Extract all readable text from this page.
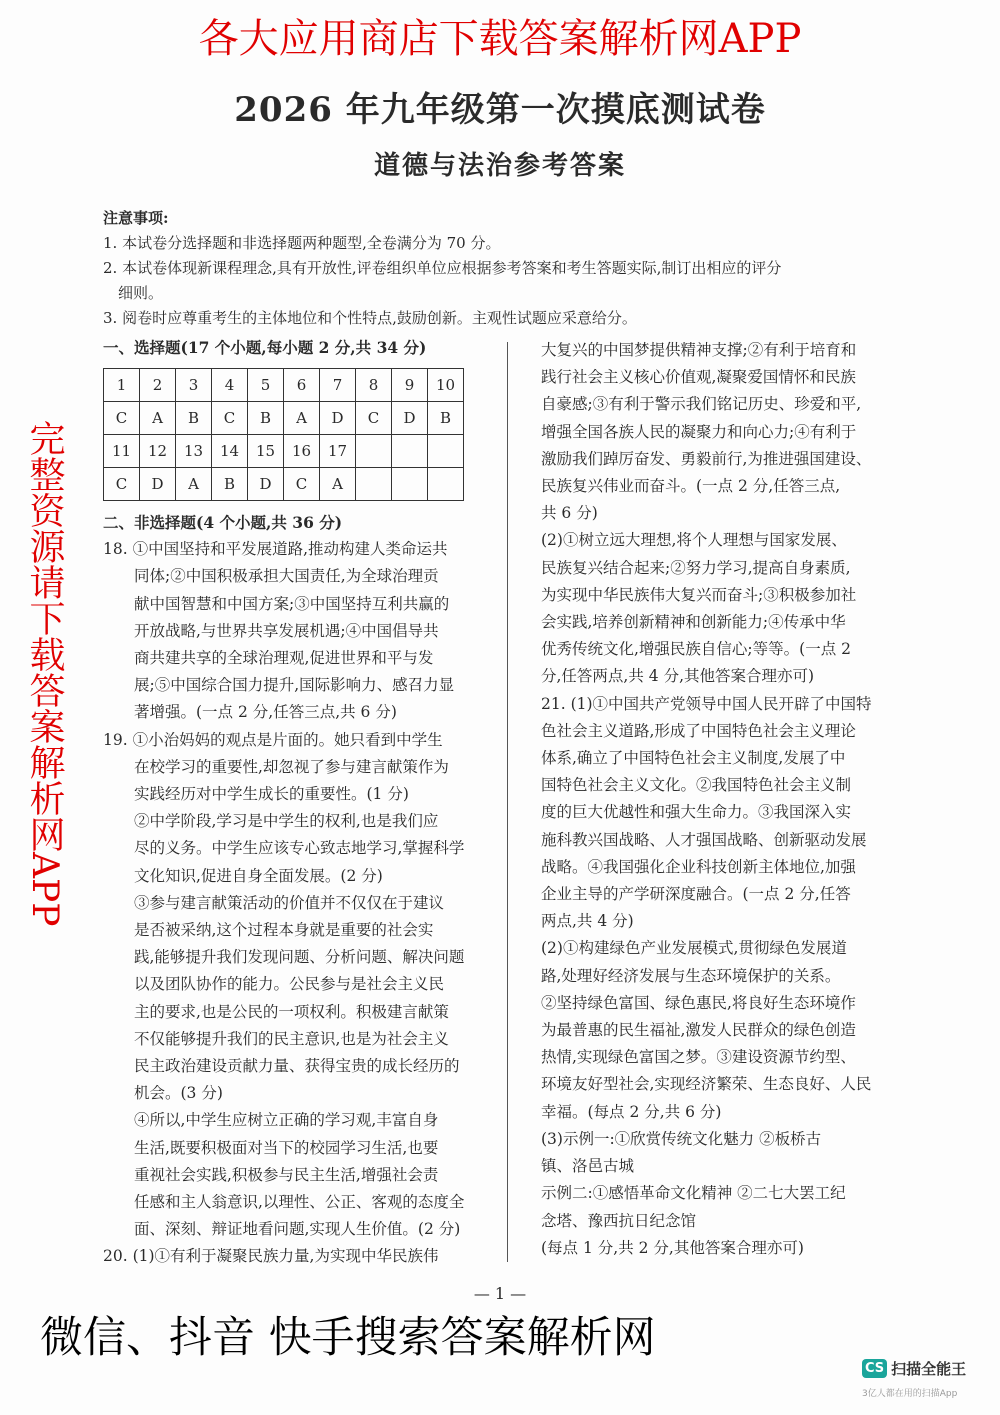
各大应用商店下载答案解析网APP
2026 年九年级第一次摸底测试卷
道德与法治参考答案
注意事项:
1. 本试卷分选择题和非选择题两种题型,全卷满分为 70 分。
2. 本试卷体现新课程理念,具有开放性,评卷组织单位应根据参考答案和考生答题实际,制订出相应的评分
　细则。
3. 阅卷时应尊重考生的主体地位和个性特点,鼓励创新。主观性试题应采意给分。
一、选择题(17 个小题,每小题 2 分,共 34 分)
1	2	3	4	5	6	7	8	9	10
C	A	B	C	B	A	D	C	D	B
11	12	13	14	15	16	17			
C	D	A	B	D	C	A			
二、非选择题(4 个小题,共 36 分)
18. ①中国坚持和平发展道路,推动构建人类命运共
　　同体;②中国积极承担大国责任,为全球治理贡
　　献中国智慧和中国方案;③中国坚持互利共赢的
　　开放战略,与世界共享发展机遇;④中国倡导共
　　商共建共享的全球治理观,促进世界和平与发
　　展;⑤中国综合国力提升,国际影响力、感召力显
　　著增强。(一点 2 分,任答三点,共 6 分)
19. ①小治妈妈的观点是片面的。她只看到中学生
　　在校学习的重要性,却忽视了参与建言献策作为
　　实践经历对中学生成长的重要性。(1 分)
　　②中学阶段,学习是中学生的权利,也是我们应
　　尽的义务。中学生应该专心致志地学习,掌握科学
　　文化知识,促进自身全面发展。(2 分)
　　③参与建言献策活动的价值并不仅仅在于建议
　　是否被采纳,这个过程本身就是重要的社会实
　　践,能够提升我们发现问题、分析问题、解决问题
　　以及团队协作的能力。公民参与是社会主义民
　　主的要求,也是公民的一项权利。积极建言献策
　　不仅能够提升我们的民主意识,也是为社会主义
　　民主政治建设贡献力量、获得宝贵的成长经历的
　　机会。(3 分)
　　④所以,中学生应树立正确的学习观,丰富自身
　　生活,既要积极面对当下的校园学习生活,也要
　　重视社会实践,积极参与民主生活,增强社会责
　　任感和主人翁意识,以理性、公正、客观的态度全
　　面、深刻、辩证地看问题,实现人生价值。(2 分)
20. (1)①有利于凝聚民族力量,为实现中华民族伟
大复兴的中国梦提供精神支撑;②有利于培育和
践行社会主义核心价值观,凝聚爱国情怀和民族
自豪感;③有利于警示我们铭记历史、珍爱和平,
增强全国各族人民的凝聚力和向心力;④有利于
激励我们踔厉奋发、勇毅前行,为推进强国建设、
民族复兴伟业而奋斗。(一点 2 分,任答三点,
共 6 分)
(2)①树立远大理想,将个人理想与国家发展、
民族复兴结合起来;②努力学习,提高自身素质,
为实现中华民族伟大复兴而奋斗;③积极参加社
会实践,培养创新精神和创新能力;④传承中华
优秀传统文化,增强民族自信心;等等。(一点 2
分,任答两点,共 4 分,其他答案合理亦可)
21. (1)①中国共产党领导中国人民开辟了中国特
色社会主义道路,形成了中国特色社会主义理论
体系,确立了中国特色社会主义制度,发展了中
国特色社会主义文化。②我国特色社会主义制
度的巨大优越性和强大生命力。③我国深入实
施科教兴国战略、人才强国战略、创新驱动发展
战略。④我国强化企业科技创新主体地位,加强
企业主导的产学研深度融合。(一点 2 分,任答
两点,共 4 分)
(2)①构建绿色产业发展模式,贯彻绿色发展道
路,处理好经济发展与生态环境保护的关系。
②坚持绿色富国、绿色惠民,将良好生态环境作
为最普惠的民生福祉,激发人民群众的绿色创造
热情,实现绿色富国之梦。③建设资源节约型、
环境友好型社会,实现经济繁荣、生态良好、人民
幸福。(每点 2 分,共 6 分)
(3)示例一:①欣赏传统文化魅力 ②板桥古
镇、洛邑古城
示例二:①感悟革命文化精神 ②二七大罢工纪
念塔、豫西抗日纪念馆
(每点 1 分,共 2 分,其他答案合理亦可)
完整资源请下载答案解析网APP
— 1 —
微信、抖音 快手搜索答案解析网
CS 扫描全能王
3亿人都在用的扫描App
